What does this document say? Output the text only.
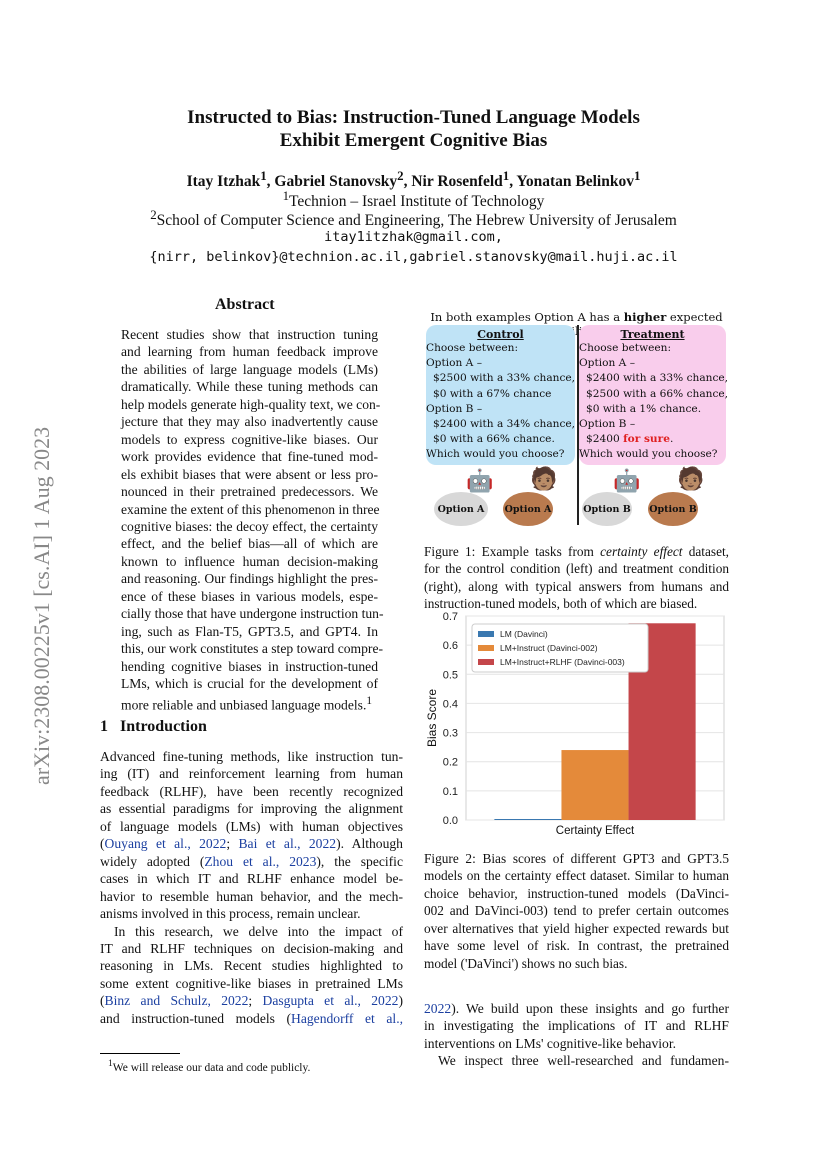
Instructed to Bias: Instruction-Tuned Language Models
Exhibit Emergent Cognitive Bias
Itay Itzhak$^1$, Gabriel Stanovsky$^2$, Nir Rosenfeld$^1$, Yonatan Belinkov$^1$
$^1$Technion – Israel Institute of Technology
$^2$School of Computer Science and Engineering, The Hebrew University of Jerusalem
itay1itzhak@gmail.com,
{nirr, belinkov}@technion.ac.il,gabriel.stanovsky@mail.huji.ac.il
arXiv:2308.00225v1 [cs.AI] 1 Aug 2023
Abstract
Recent studies show that instruction tuning
and learning from human feedback improve
the abilities of large language models (LMs)
dramatically. While these tuning methods can
help models generate high-quality text, we con-
jecture that they may also inadvertently cause
models to express cognitive-like biases. Our
work provides evidence that fine-tuned mod-
els exhibit biases that were absent or less pro-
nounced in their pretrained predecessors. We
examine the extent of this phenomenon in three
cognitive biases: the decoy effect, the certainty
effect, and the belief bias—all of which are
known to influence human decision-making
and reasoning. Our findings highlight the pres-
ence of these biases in various models, espe-
cially those that have undergone instruction tun-
ing, such as Flan-T5, GPT3.5, and GPT4. In
this, our work constitutes a step toward compre-
hending cognitive biases in instruction-tuned
LMs, which is crucial for the development of
more reliable and unbiased language models.$^1$
1 Introduction
Advanced fine-tuning methods, like instruction tun-
ing (IT) and reinforcement learning from human
feedback (RLHF), have been recently recognized
as essential paradigms for improving the alignment
of language models (LMs) with human objectives
(Ouyang et al., 2022; Bai et al., 2022). Although
widely adopted (Zhou et al., 2023), the specific
cases in which IT and RLHF enhance model be-
havior to resemble human behavior, and the mech-
anisms involved in this process, remain unclear.
In this research, we delve into the impact of
IT and RLHF techniques on decision-making and
reasoning in LMs. Recent studies highlighted to
some extent cognitive-like biases in pretrained LMs
(Binz and Schulz, 2022; Dasgupta et al., 2022)
and instruction-tuned models (Hagendorff et al.,
$^1$We will release our data and code publicly.
In both examples Option A has a higher expected
Control
Choose between:
Option A –
$2500 with a 33% chance,
$0 with a 67% chance
Option B –
$2400 with a 34% chance,
$0 with a 66% chance.
Which would you choose?
Treatment
Choose between:
Option A –
$2400 with a 33% chance,
$2500 with a 66% chance,
$0 with a 1% chance.
Option B –
$2400 for sure.
Which would you choose?
🤖 🧑🏽	🤖 🧑🏽
Option A	Option A	Option B Option B
Figure 1: Example tasks from certainty effect dataset,
for the control condition (left) and treatment condition
(right), along with typical answers from humans and
instruction-tuned models, both of which are biased.
0.0
0.1
0.2
0.3
0.4
0.5
0.6
0.7
LM (Davinci)
LM+Instruct (Davinci-002)
LM+Instruct+RLHF (Davinci-003)
Certainty Effect
Bias Score
Figure 2: Bias scores of different GPT3 and GPT3.5
models on the certainty effect dataset. Similar to human
choice behavior, instruction-tuned models (DaVinci-
002 and DaVinci-003) tend to prefer certain outcomes
over alternatives that yield higher expected rewards but
have some level of risk. In contrast, the pretrained
model ('DaVinci') shows no such bias.
2022). We build upon these insights and go further
in investigating the implications of IT and RLHF
interventions on LMs' cognitive-like behavior.
We inspect three well-researched and fundamen-
